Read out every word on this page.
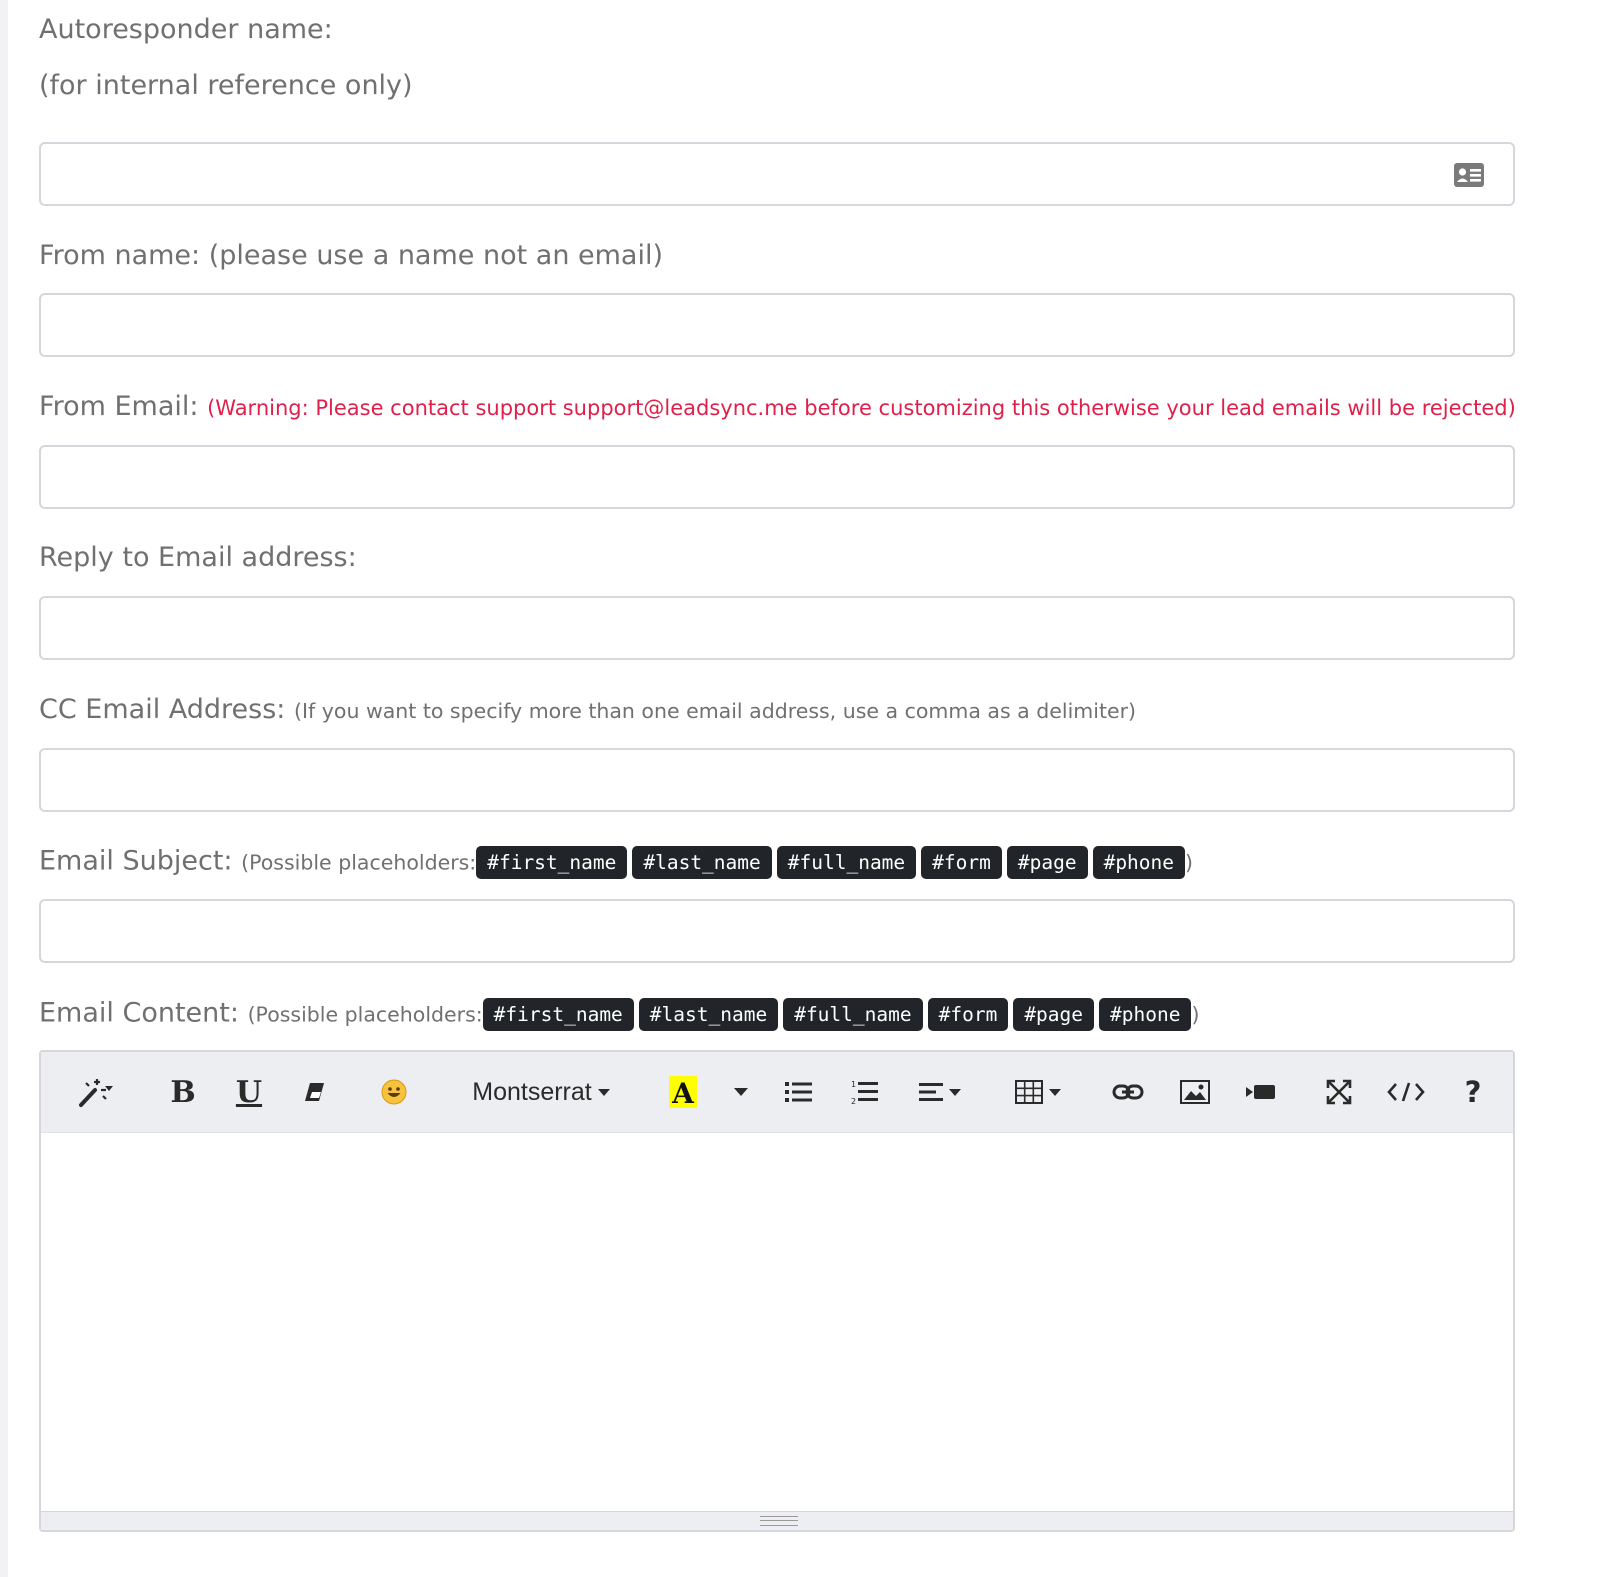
Autoresponder name:
(for internal reference only)
From name: (please use a name not an email)
From Email: (Warning: Please contact support support@leadsync.me before customizing this otherwise your lead emails will be rejected)
Reply to Email address:
CC Email Address: (If you want to specify more than one email address, use a comma as a delimiter)
Email Subject: (Possible placeholders: #first_name #last_name #full_name #form #page #phone )
Email Content: (Possible placeholders: #first_name #last_name #full_name #form #page #phone )
B U	Montserrat	A	1
2	?
